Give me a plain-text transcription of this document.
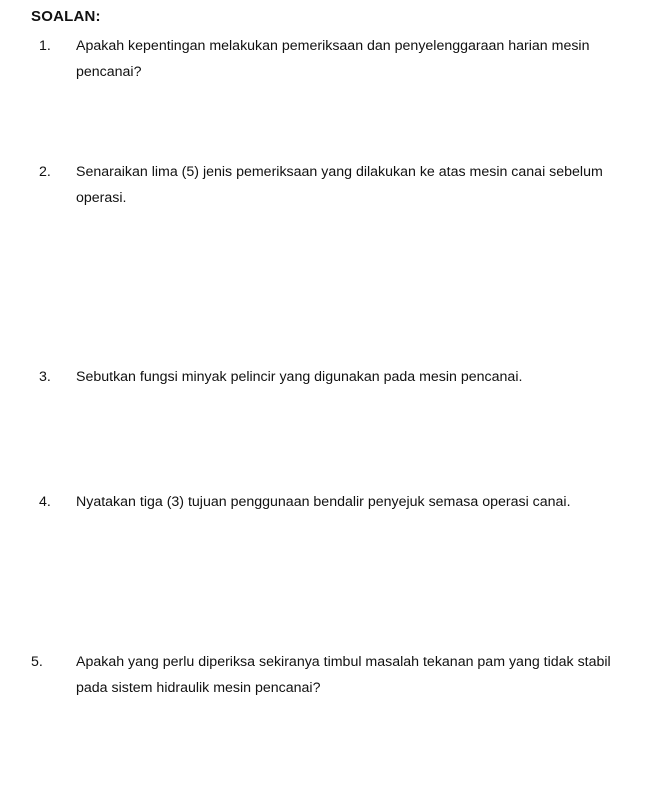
SOALAN:
1. Apakah kepentingan melakukan pemeriksaan dan penyelenggaraan harian mesin pencanai?
2. Senaraikan lima (5) jenis pemeriksaan yang dilakukan ke atas mesin canai sebelum operasi.
3. Sebutkan fungsi minyak pelincir yang digunakan pada mesin pencanai.
4. Nyatakan tiga (3) tujuan penggunaan bendalir penyejuk semasa operasi canai.
5. Apakah yang perlu diperiksa sekiranya timbul masalah tekanan pam yang tidak stabil pada sistem hidraulik mesin pencanai?
